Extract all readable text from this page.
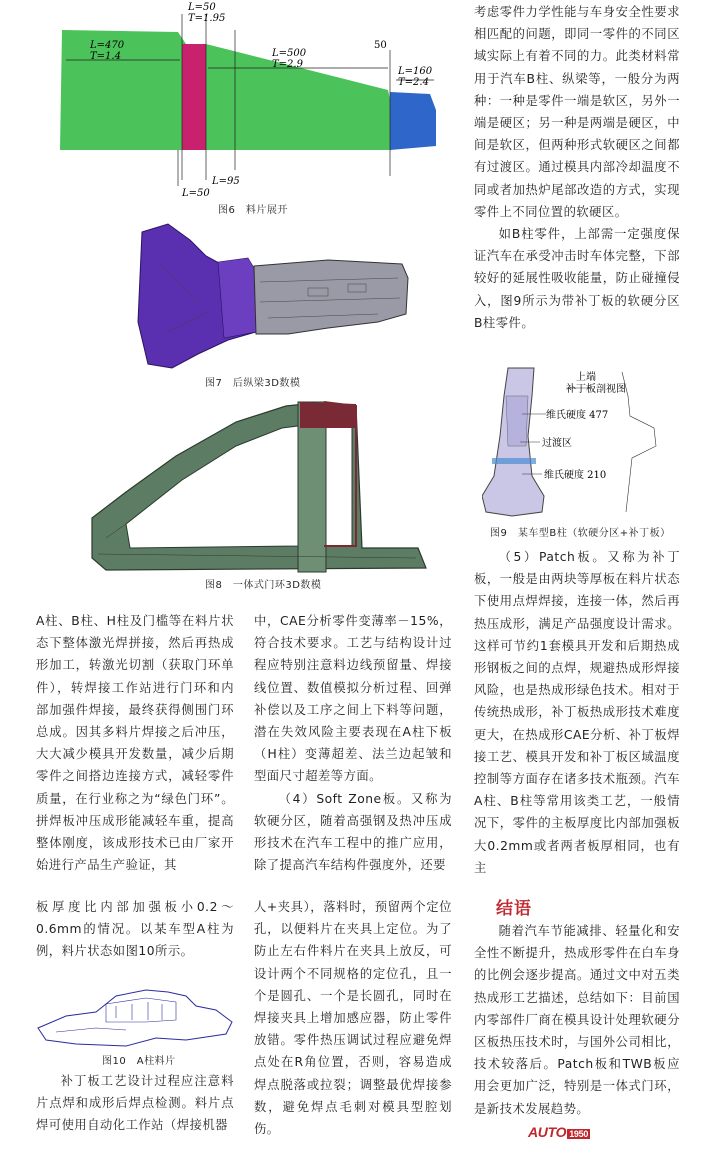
L=470
T=1.4
L=50
T=1.95
L=500
T=2.9
50
L=160
T=2.4
L=50
L=95
图6　料片展开
图7　后纵梁3D数模
图8　一体式门环3D数模
上端
补丁板剖视图
维氏硬度 477
过渡区
维氏硬度 210
图9　某车型B柱（软硬分区+补丁板）
图10　A柱料片

考虑零件力学性能与车身安全性要求相匹配的问题，即同一零件的不同区域实际上有着不同的力。此类材料常用于汽车B柱、纵梁等，一般分为两种：一种是零件一端是软区，另外一端是硬区；另一种是两端是硬区，中间是软区，但两种形式软硬区之间都有过渡区。通过模具内部冷却温度不同或者加热炉尾部改造的方式，实现零件上不同位置的软硬区。

如B柱零件，上部需一定强度保证汽车在承受冲击时车体完整，下部较好的延展性吸收能量，防止碰撞侵入，图9所示为带补丁板的软硬分区B柱零件。

（5）Patch板。又称为补丁板，一般是由两块等厚板在料片状态下使用点焊焊接，连接一体，然后再热压成形，满足产品强度设计需求。这样可节约1套模具开发和后期热成形钢板之间的点焊，规避热成形焊接风险，也是热成形绿色技术。相对于传统热成形，补丁板热成形技术难度更大，在热成形CAE分析、补丁板焊接工艺、模具开发和补丁板区域温度控制等方面存在诸多技术瓶颈。汽车A柱、B柱等常用该类工艺，一般情况下，零件的主板厚度比内部加强板大0.2mm或者两者板厚相同，也有主

A柱、B柱、H柱及门槛等在料片状态下整体激光焊拼接，然后再热成形加工，转激光切割（获取门环单件），转焊接工作站进行门环和内部加强件焊接，最终获得侧围门环总成。因其多料片焊接之后冲压，大大减少模具开发数量，减少后期零件之间搭边连接方式，减轻零件质量，在行业称之为“绿色门环”。拼焊板冲压成形能减轻车重，提高整体刚度，该成形技术已由厂家开始进行产品生产验证，其

中，CAE分析零件变薄率－15%，符合技术要求。工艺与结构设计过程应特别注意料边线预留量、焊接线位置、数值模拟分析过程、回弹补偿以及工序之间上下料等问题，潜在失效风险主要表现在A柱下板（H柱）变薄超差、法兰边起皱和型面尺寸超差等方面。

（4）Soft Zone板。又称为软硬分区，随着高强钢及热冲压成形技术在汽车工程中的推广应用，除了提高汽车结构件强度外，还要

板厚度比内部加强板小0.2～0.6mm的情况。以某车型A柱为例，料片状态如图10所示。

补丁板工艺设计过程应注意料片点焊和成形后焊点检测。料片点焊可使用自动化工作站（焊接机器

人+夹具），落料时，预留两个定位孔，以便料片在夹具上定位。为了防止左右件料片在夹具上放反，可设计两个不同规格的定位孔，且一个是圆孔、一个是长圆孔，同时在焊接夹具上增加感应器，防止零件放错。零件热压调试过程应避免焊点处在R角位置，否则，容易造成焊点脱落或拉裂；调整最优焊接参数，避免焊点毛刺对模具型腔划伤。

结语

随着汽车节能减排、轻量化和安全性不断提升，热成形零件在白车身的比例会逐步提高。通过文中对五类热成形工艺描述，总结如下：目前国内零部件厂商在模具设计处理软硬分区板热压技术时，与国外公司相比，技术较落后。Patch板和TWB板应用会更加广泛，特别是一体式门环，是新技术发展趋势。

AUTO 1950
